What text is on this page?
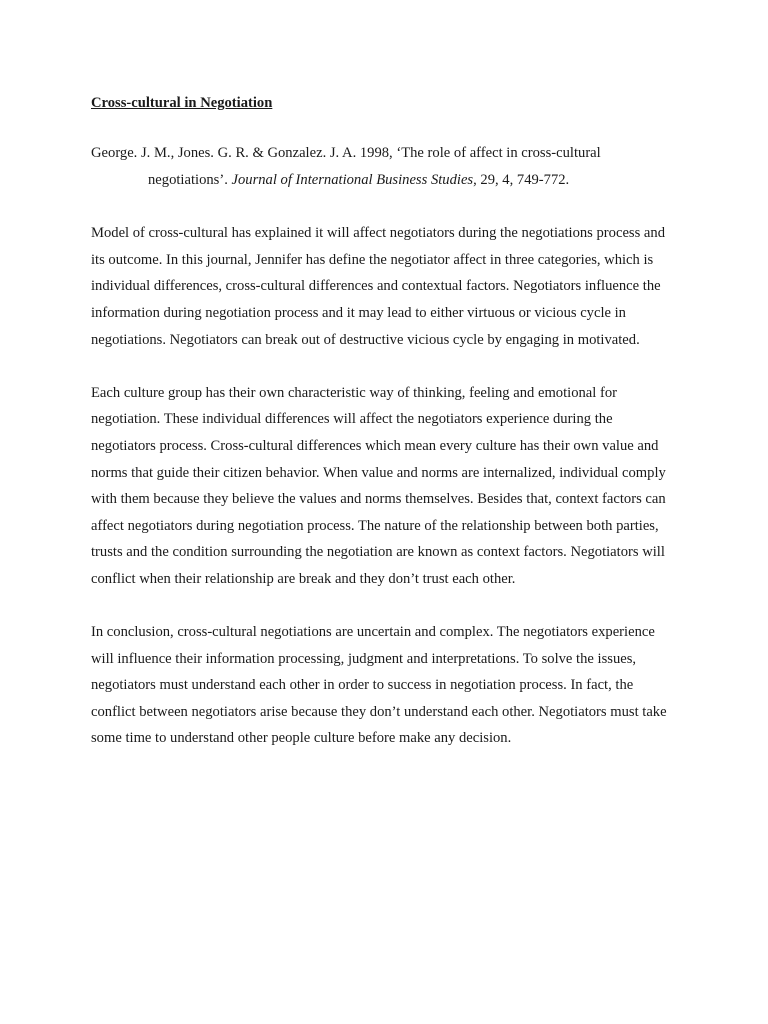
Cross-cultural in Negotiation
George. J. M., Jones. G. R. & Gonzalez. J. A. 1998, ‘The role of affect in cross-cultural negotiations’. Journal of International Business Studies, 29, 4, 749-772.

Model of cross-cultural has explained it will affect negotiators during the negotiations process and its outcome. In this journal, Jennifer has define the negotiator affect in three categories, which is individual differences, cross-cultural differences and contextual factors. Negotiators influence the information during negotiation process and it may lead to either virtuous or vicious cycle in negotiations. Negotiators can break out of destructive vicious cycle by engaging in motivated.

Each culture group has their own characteristic way of thinking, feeling and emotional for negotiation. These individual differences will affect the negotiators experience during the negotiators process. Cross-cultural differences which mean every culture has their own value and norms that guide their citizen behavior. When value and norms are internalized, individual comply with them because they believe the values and norms themselves. Besides that, context factors can affect negotiators during negotiation process. The nature of the relationship between both parties, trusts and the condition surrounding the negotiation are known as context factors. Negotiators will conflict when their relationship are break and they don’t trust each other.

In conclusion, cross-cultural negotiations are uncertain and complex. The negotiators experience will influence their information processing, judgment and interpretations. To solve the issues, negotiators must understand each other in order to success in negotiation process. In fact, the conflict between negotiators arise because they don’t understand each other. Negotiators must take some time to understand other people culture before make any decision.
